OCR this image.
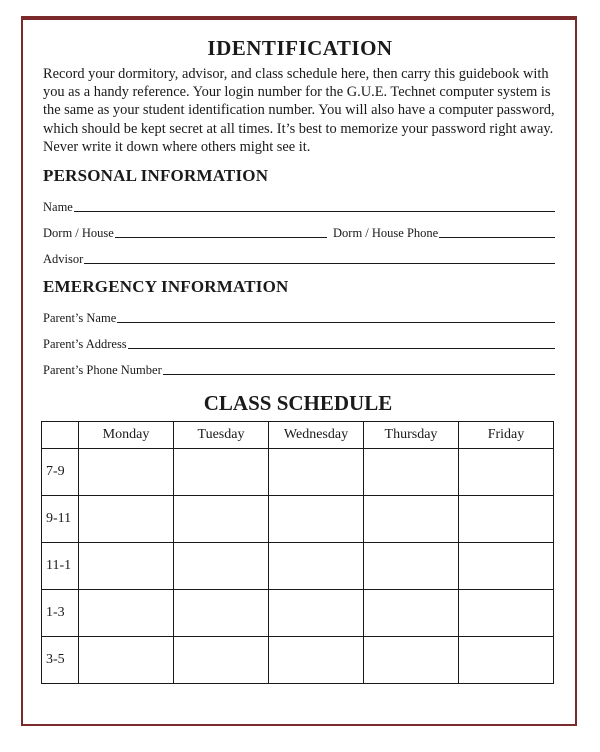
IDENTIFICATION

Record your dormitory, advisor, and class schedule here, then carry this guidebook with you as a handy reference. Your login number for the G.U.E. Technet computer system is the same as your student identification number. You will also have a computer password, which should be kept secret at all times. It’s best to memorize your password right away. Never write it down where others might see it.

PERSONAL INFORMATION
Name
Dorm / House	Dorm / House Phone
Advisor
EMERGENCY INFORMATION
Parent’s Name
Parent’s Address
Parent’s Phone Number
CLASS SCHEDULE
	Monday	Tuesday	Wednesday	Thursday	Friday
7-9					
9-11					
11-1					
1-3					
3-5					
